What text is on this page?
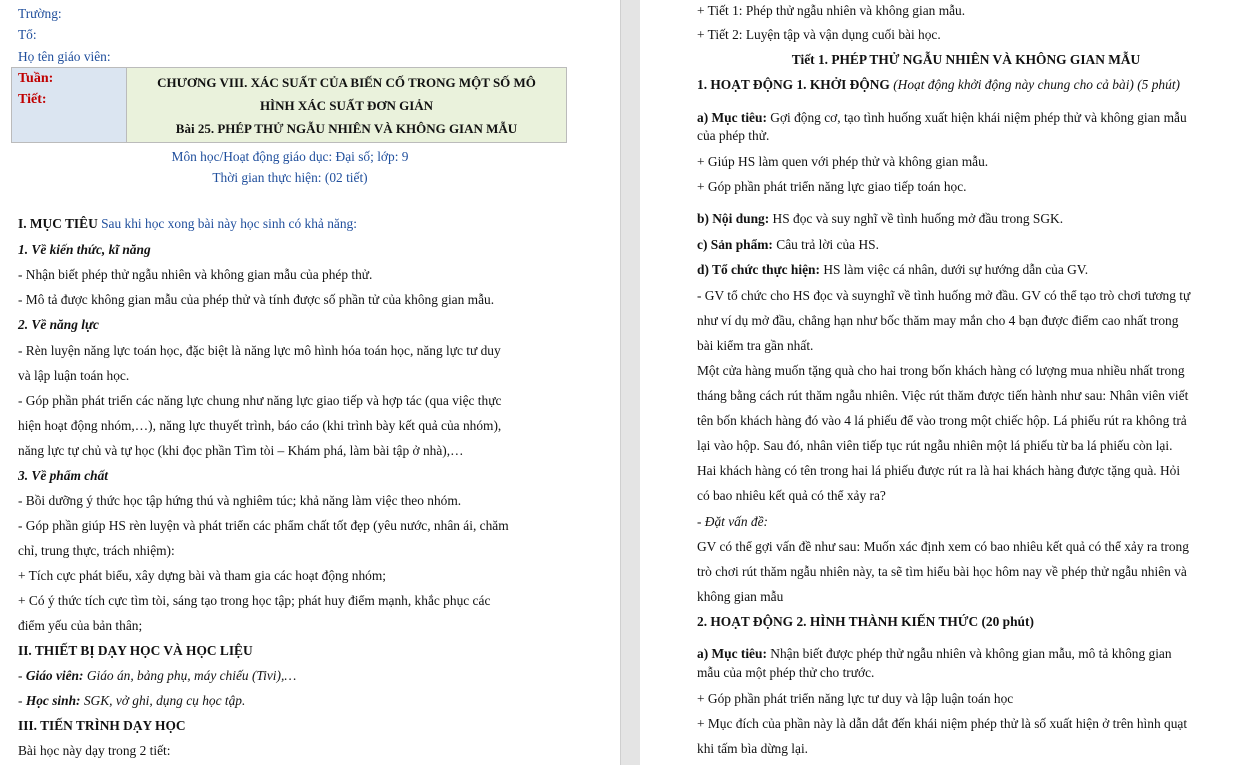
Trường:
Tổ:
Họ tên giáo viên:
Tuần:
Tiết:

CHƯƠNG VIII. XÁC SUẤT CỦA BIẾN CỐ TRONG MỘT SỐ MÔ
HÌNH XÁC SUẤT ĐƠN GIẢN
Bài 25. PHÉP THỬ NGẪU NHIÊN VÀ KHÔNG GIAN MẪU
Môn học/Hoạt động giáo dục: Đại số; lớp: 9
Thời gian thực hiện: (02 tiết)
I. MỤC TIÊU Sau khi học xong bài này học sinh có khả năng:
1. Về kiến thức, kĩ năng
- Nhận biết phép thử ngẫu nhiên và không gian mẫu của phép thử.
- Mô tả được không gian mẫu của phép thử và tính được số phần tử của không gian mẫu.
2. Về năng lực
- Rèn luyện năng lực toán học, đặc biệt là năng lực mô hình hóa toán học, năng lực tư duy
và lập luận toán học.
- Góp phần phát triển các năng lực chung như năng lực giao tiếp và hợp tác (qua việc thực
hiện hoạt động nhóm,…), năng lực thuyết trình, báo cáo (khi trình bày kết quả của nhóm),
năng lực tự chủ và tự học (khi đọc phần Tìm tòi – Khám phá, làm bài tập ở nhà),…
3. Về phẩm chất
- Bồi dưỡng ý thức học tập hứng thú và nghiêm túc; khả năng làm việc theo nhóm.
- Góp phần giúp HS rèn luyện và phát triển các phẩm chất tốt đẹp (yêu nước, nhân ái, chăm
chỉ, trung thực, trách nhiệm):
+ Tích cực phát biểu, xây dựng bài và tham gia các hoạt động nhóm;
+ Có ý thức tích cực tìm tòi, sáng tạo trong học tập; phát huy điểm mạnh, khắc phục các
điểm yếu của bản thân;
II. THIẾT BỊ DẠY HỌC VÀ HỌC LIỆU
- Giáo viên: Giáo án, bảng phụ, máy chiếu (Tivi),…
- Học sinh: SGK, vở ghi, dụng cụ học tập.
III. TIẾN TRÌNH DẠY HỌC
Bài học này dạy trong 2 tiết:
+ Tiết 1: Phép thử ngẫu nhiên và không gian mẫu.
+ Tiết 2: Luyện tập và vận dụng cuối bài học.
Tiết 1. PHÉP THỬ NGẪU NHIÊN VÀ KHÔNG GIAN MẪU
1. HOẠT ĐỘNG 1. KHỞI ĐỘNG (Hoạt động khởi động này chung cho cả bài) (5 phút)
a) Mục tiêu: Gợi động cơ, tạo tình huống xuất hiện khái niệm phép thử và không gian mẫu
của phép thử.
+ Giúp HS làm quen với phép thử và không gian mẫu.
+ Góp phần phát triển năng lực giao tiếp toán học.
b) Nội dung: HS đọc và suy nghĩ về tình huống mở đầu trong SGK.
c) Sản phẩm: Câu trả lời của HS.
d) Tổ chức thực hiện: HS làm việc cá nhân, dưới sự hướng dẫn của GV.
- GV tổ chức cho HS đọc và suynghĩ về tình huống mở đầu. GV có thể tạo trò chơi tương tự
như ví dụ mở đầu, chẳng hạn như bốc thăm may mắn cho 4 bạn được điểm cao nhất trong
bài kiểm tra gần nhất.
Một cửa hàng muốn tặng quà cho hai trong bốn khách hàng có lượng mua nhiều nhất trong
tháng bằng cách rút thăm ngẫu nhiên. Việc rút thăm được tiến hành như sau: Nhân viên viết
tên bốn khách hàng đó vào 4 lá phiếu để vào trong một chiếc hộp. Lá phiếu rút ra không trả
lại vào hộp. Sau đó, nhân viên tiếp tục rút ngẫu nhiên một lá phiếu từ ba lá phiếu còn lại.
Hai khách hàng có tên trong hai lá phiếu được rút ra là hai khách hàng được tặng quà. Hỏi
có bao nhiêu kết quả có thể xảy ra?
- Đặt vấn đề:
GV có thể gợi vấn đề như sau: Muốn xác định xem có bao nhiêu kết quả có thể xảy ra trong
trò chơi rút thăm ngẫu nhiên này, ta sẽ tìm hiểu bài học hôm nay về phép thử ngẫu nhiên và
không gian mẫu
2. HOẠT ĐỘNG 2. HÌNH THÀNH KIẾN THỨC (20 phút)
a) Mục tiêu: Nhận biết được phép thử ngẫu nhiên và không gian mẫu, mô tả không gian
mẫu của một phép thử cho trước.
+ Góp phần phát triển năng lực tư duy và lập luận toán học
+ Mục đích của phần này là dẫn dắt đến khái niệm phép thử là số xuất hiện ở trên hình quạt
khi tấm bìa dừng lại.
